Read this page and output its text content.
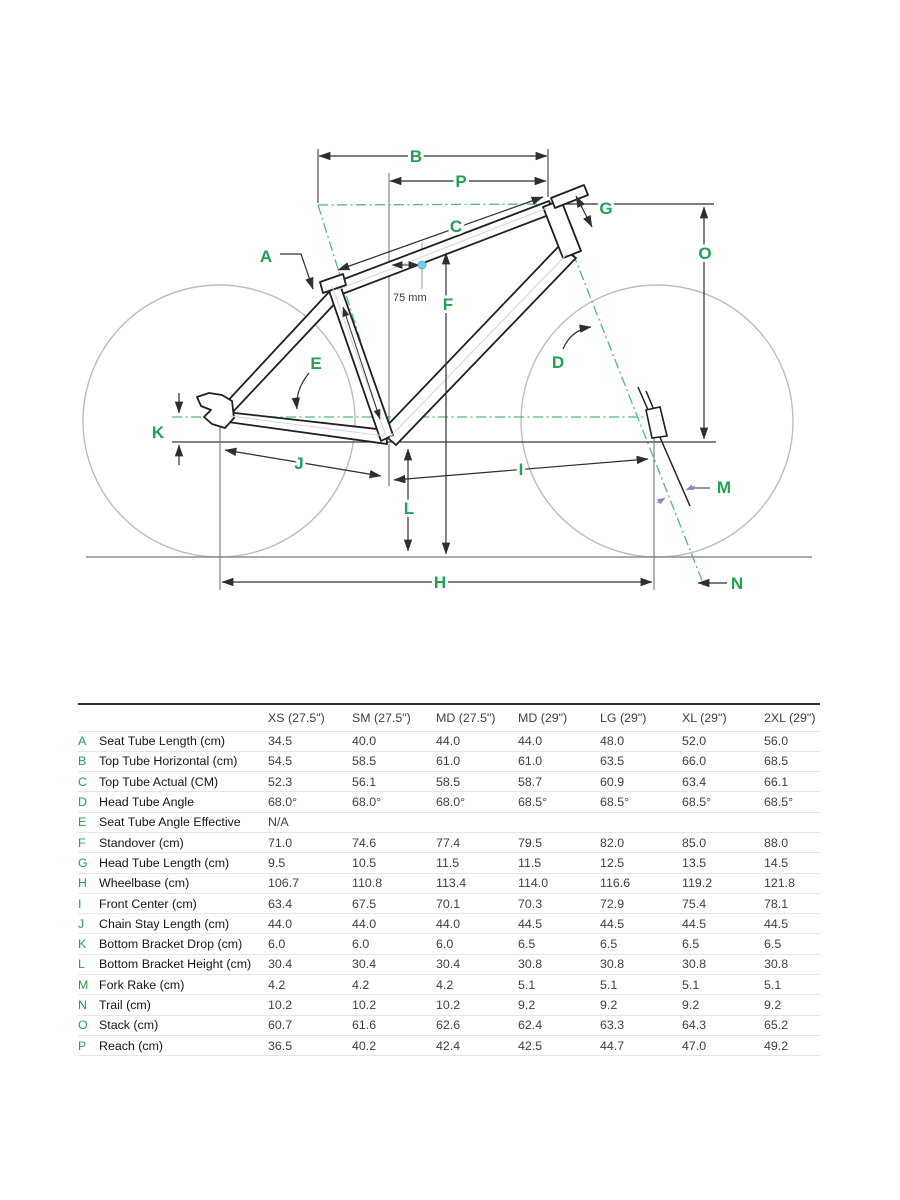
75 mm
A
B
C
D
E
F
G
H
I
J
K
L
M
N
O
P
		XS (27.5")	SM (27.5")	MD (27.5")	MD (29")	LG (29")	XL (29")	2XL (29")
A	Seat Tube Length (cm)	34.5	40.0	44.0	44.0	48.0	52.0	56.0
B	Top Tube Horizontal (cm)	54.5	58.5	61.0	61.0	63.5	66.0	68.5
C	Top Tube Actual (CM)	52.3	56.1	58.5	58.7	60.9	63.4	66.1
D	Head Tube Angle	68.0°	68.0°	68.0°	68.5°	68.5°	68.5°	68.5°
E	Seat Tube Angle Effective	N/A						
F	Standover (cm)	71.0	74.6	77.4	79.5	82.0	85.0	88.0
G	Head Tube Length (cm)	9.5	10.5	11.5	11.5	12.5	13.5	14.5
H	Wheelbase (cm)	106.7	110.8	113.4	114.0	116.6	119.2	121.8
I	Front Center (cm)	63.4	67.5	70.1	70.3	72.9	75.4	78.1
J	Chain Stay Length (cm)	44.0	44.0	44.0	44.5	44.5	44.5	44.5
K	Bottom Bracket Drop (cm)	6.0	6.0	6.0	6.5	6.5	6.5	6.5
L	Bottom Bracket Height (cm)	30.4	30.4	30.4	30.8	30.8	30.8	30.8
M	Fork Rake (cm)	4.2	4.2	4.2	5.1	5.1	5.1	5.1
N	Trail (cm)	10.2	10.2	10.2	9.2	9.2	9.2	9.2
O	Stack (cm)	60.7	61.6	62.6	62.4	63.3	64.3	65.2
P	Reach (cm)	36.5	40.2	42.4	42.5	44.7	47.0	49.2
